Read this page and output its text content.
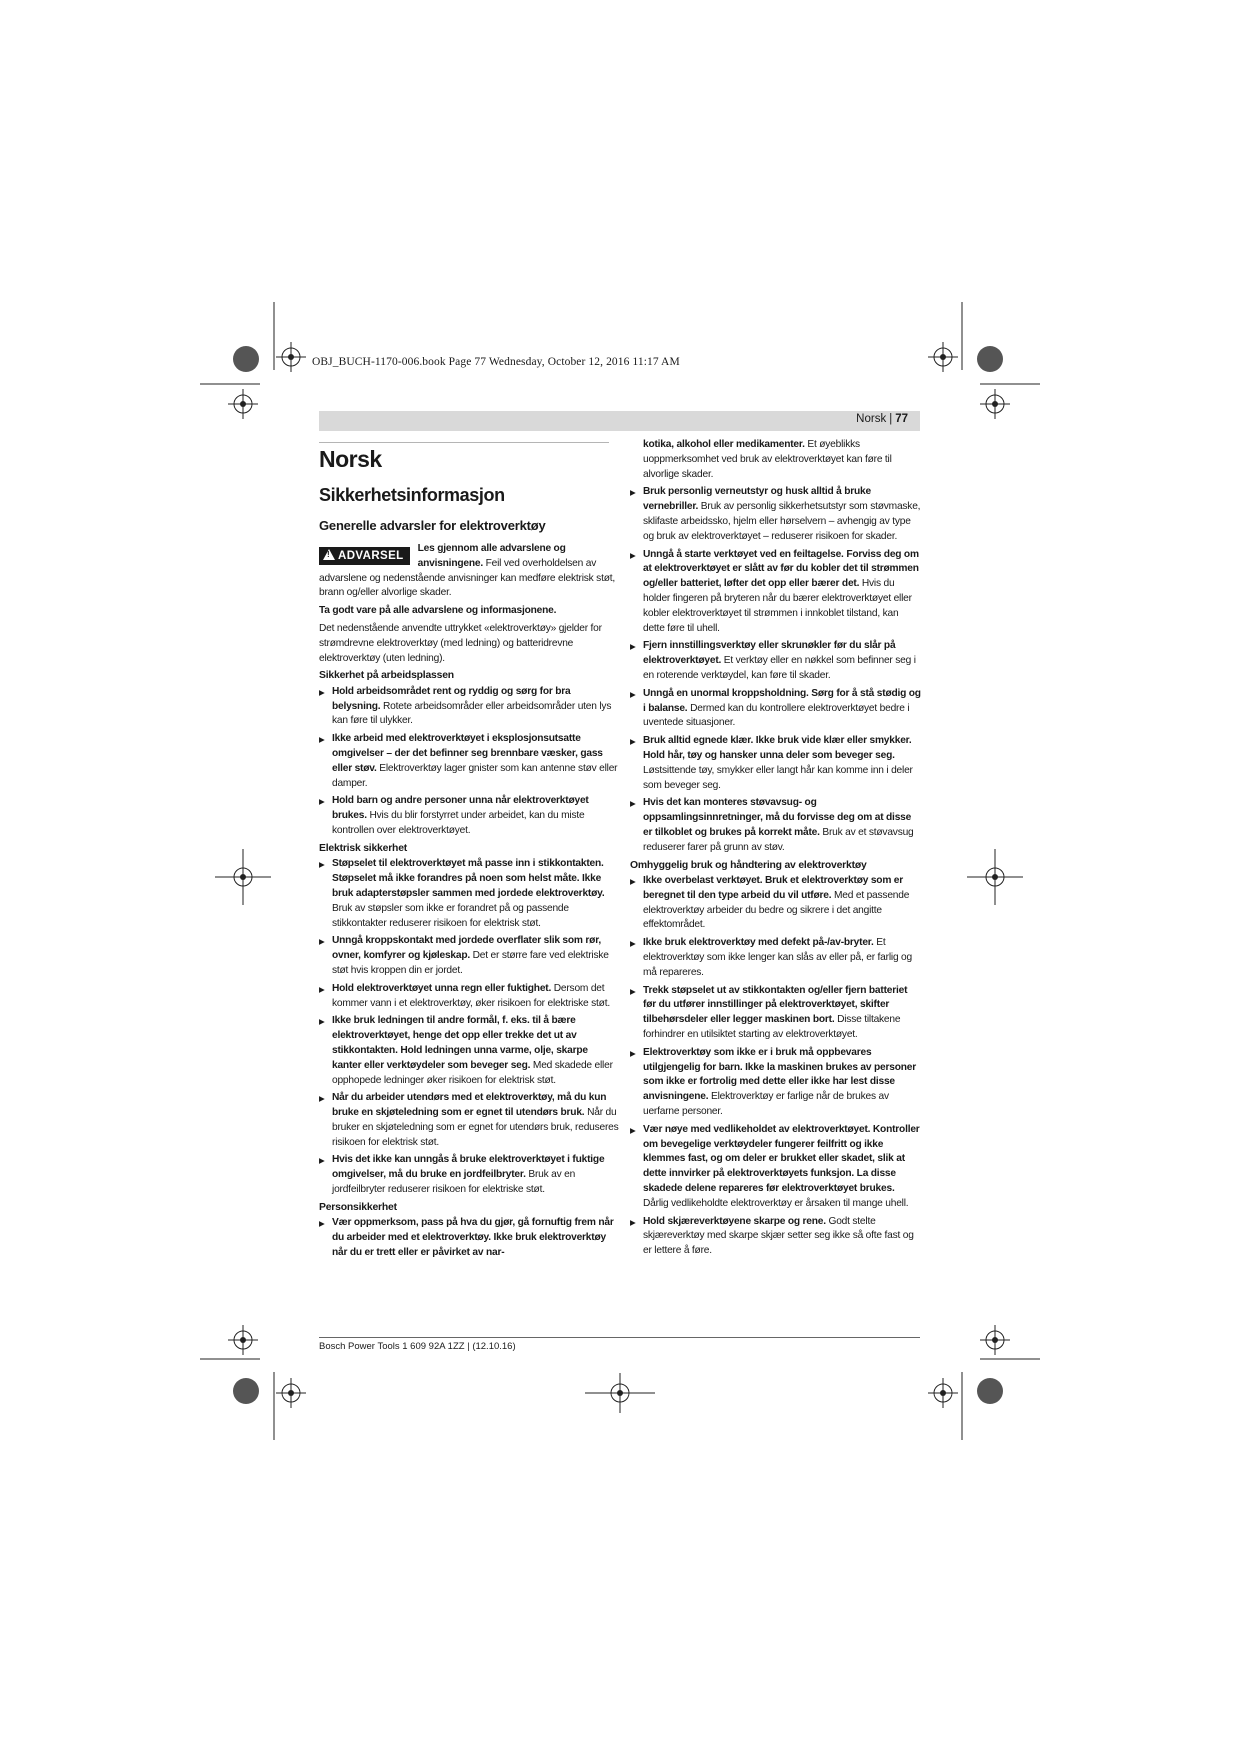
OBJ_BUCH-1170-006.book Page 77 Wednesday, October 12, 2016 11:17 AM
Norsk | 77
Norsk
Sikkerhetsinformasjon
Generelle advarsler for elektroverktøy
!ADVARSEL
Les gjennom alle advarslene og anvisningene. Feil ved overholdelsen av advarslene og nedenstående anvisninger kan medføre elektrisk støt, brann og/eller alvorlige skader.

Ta godt vare på alle advarslene og informasjonene.

Det nedenstående anvendte uttrykket «elektroverktøy» gjelder for strømdrevne elektroverktøy (med ledning) og batteridrevne elektroverktøy (uten ledning).

Sikkerhet på arbeidsplassen
▶ Hold arbeidsområdet rent og ryddig og sørg for bra belysning. Rotete arbeidsområder eller arbeidsområder uten lys kan føre til ulykker.
▶ Ikke arbeid med elektroverktøyet i eksplosjonsutsatte omgivelser – der det befinner seg brennbare væsker, gass eller støv. Elektroverktøy lager gnister som kan antenne støv eller damper.
▶ Hold barn og andre personer unna når elektroverktøyet brukes. Hvis du blir forstyrret under arbeidet, kan du miste kontrollen over elektroverktøyet.
Elektrisk sikkerhet
▶ Støpselet til elektroverktøyet må passe inn i stikkontakten. Støpselet må ikke forandres på noen som helst måte. Ikke bruk adapterstøpsler sammen med jordede elektroverktøy. Bruk av støpsler som ikke er forandret på og passende stikkontakter reduserer risikoen for elektrisk støt.
▶ Unngå kroppskontakt med jordede overflater slik som rør, ovner, komfyrer og kjøleskap. Det er større fare ved elektriske støt hvis kroppen din er jordet.
▶ Hold elektroverktøyet unna regn eller fuktighet. Dersom det kommer vann i et elektroverktøy, øker risikoen for elektriske støt.
▶ Ikke bruk ledningen til andre formål, f. eks. til å bære elektroverktøyet, henge det opp eller trekke det ut av stikkontakten. Hold ledningen unna varme, olje, skarpe kanter eller verktøydeler som beveger seg. Med skadede eller opphopede ledninger øker risikoen for elektrisk støt.
▶ Når du arbeider utendørs med et elektroverktøy, må du kun bruke en skjøteledning som er egnet til utendørs bruk. Når du bruker en skjøteledning som er egnet for utendørs bruk, reduseres risikoen for elektrisk støt.
▶ Hvis det ikke kan unngås å bruke elektroverktøyet i fuktige omgivelser, må du bruke en jordfeilbryter. Bruk av en jordfeilbryter reduserer risikoen for elektriske støt.
Personsikkerhet
▶ Vær oppmerksom, pass på hva du gjør, gå fornuftig frem når du arbeider med et elektroverktøy. Ikke bruk elektroverktøy når du er trett eller er påvirket av nar-

kotika, alkohol eller medikamenter. Et øyeblikks uoppmerksomhet ved bruk av elektroverktøyet kan føre til alvorlige skader.

▶ Bruk personlig verneutstyr og husk alltid å bruke vernebriller. Bruk av personlig sikkerhetsutstyr som støvmaske, sklifaste arbeidssko, hjelm eller hørselvern – avhengig av type og bruk av elektroverktøyet – reduserer risikoen for skader.
▶ Unngå å starte verktøyet ved en feiltagelse. Forviss deg om at elektroverktøyet er slått av før du kobler det til strømmen og/eller batteriet, løfter det opp eller bærer det. Hvis du holder fingeren på bryteren når du bærer elektroverktøyet eller kobler elektroverktøyet til strømmen i innkoblet tilstand, kan dette føre til uhell.
▶ Fjern innstillingsverktøy eller skrunøkler før du slår på elektroverktøyet. Et verktøy eller en nøkkel som befinner seg i en roterende verktøydel, kan føre til skader.
▶ Unngå en unormal kroppsholdning. Sørg for å stå stødig og i balanse. Dermed kan du kontrollere elektroverktøyet bedre i uventede situasjoner.
▶ Bruk alltid egnede klær. Ikke bruk vide klær eller smykker. Hold hår, tøy og hansker unna deler som beveger seg. Løstsittende tøy, smykker eller langt hår kan komme inn i deler som beveger seg.
▶ Hvis det kan monteres støvavsug- og oppsamlingsinnretninger, må du forvisse deg om at disse er tilkoblet og brukes på korrekt måte. Bruk av et støvavsug reduserer farer på grunn av støv.
Omhyggelig bruk og håndtering av elektroverktøy
▶ Ikke overbelast verktøyet. Bruk et elektroverktøy som er beregnet til den type arbeid du vil utføre. Med et passende elektroverktøy arbeider du bedre og sikrere i det angitte effektområdet.
▶ Ikke bruk elektroverktøy med defekt på-/av-bryter. Et elektroverktøy som ikke lenger kan slås av eller på, er farlig og må repareres.
▶ Trekk støpselet ut av stikkontakten og/eller fjern batteriet før du utfører innstillinger på elektroverktøyet, skifter tilbehørsdeler eller legger maskinen bort. Disse tiltakene forhindrer en utilsiktet starting av elektroverktøyet.
▶ Elektroverktøy som ikke er i bruk må oppbevares utilgjengelig for barn. Ikke la maskinen brukes av personer som ikke er fortrolig med dette eller ikke har lest disse anvisningene. Elektroverktøy er farlige når de brukes av uerfarne personer.
▶ Vær nøye med vedlikeholdet av elektroverktøyet. Kontroller om bevegelige verktøydeler fungerer feilfritt og ikke klemmes fast, og om deler er brukket eller skadet, slik at dette innvirker på elektroverktøyets funksjon. La disse skadede delene repareres før elektroverktøyet brukes. Dårlig vedlikeholdte elektroverktøy er årsaken til mange uhell.
▶ Hold skjæreverktøyene skarpe og rene. Godt stelte skjæreverktøy med skarpe skjær setter seg ikke så ofte fast og er lettere å føre.
Bosch Power Tools 1 609 92A 1ZZ | (12.10.16)
